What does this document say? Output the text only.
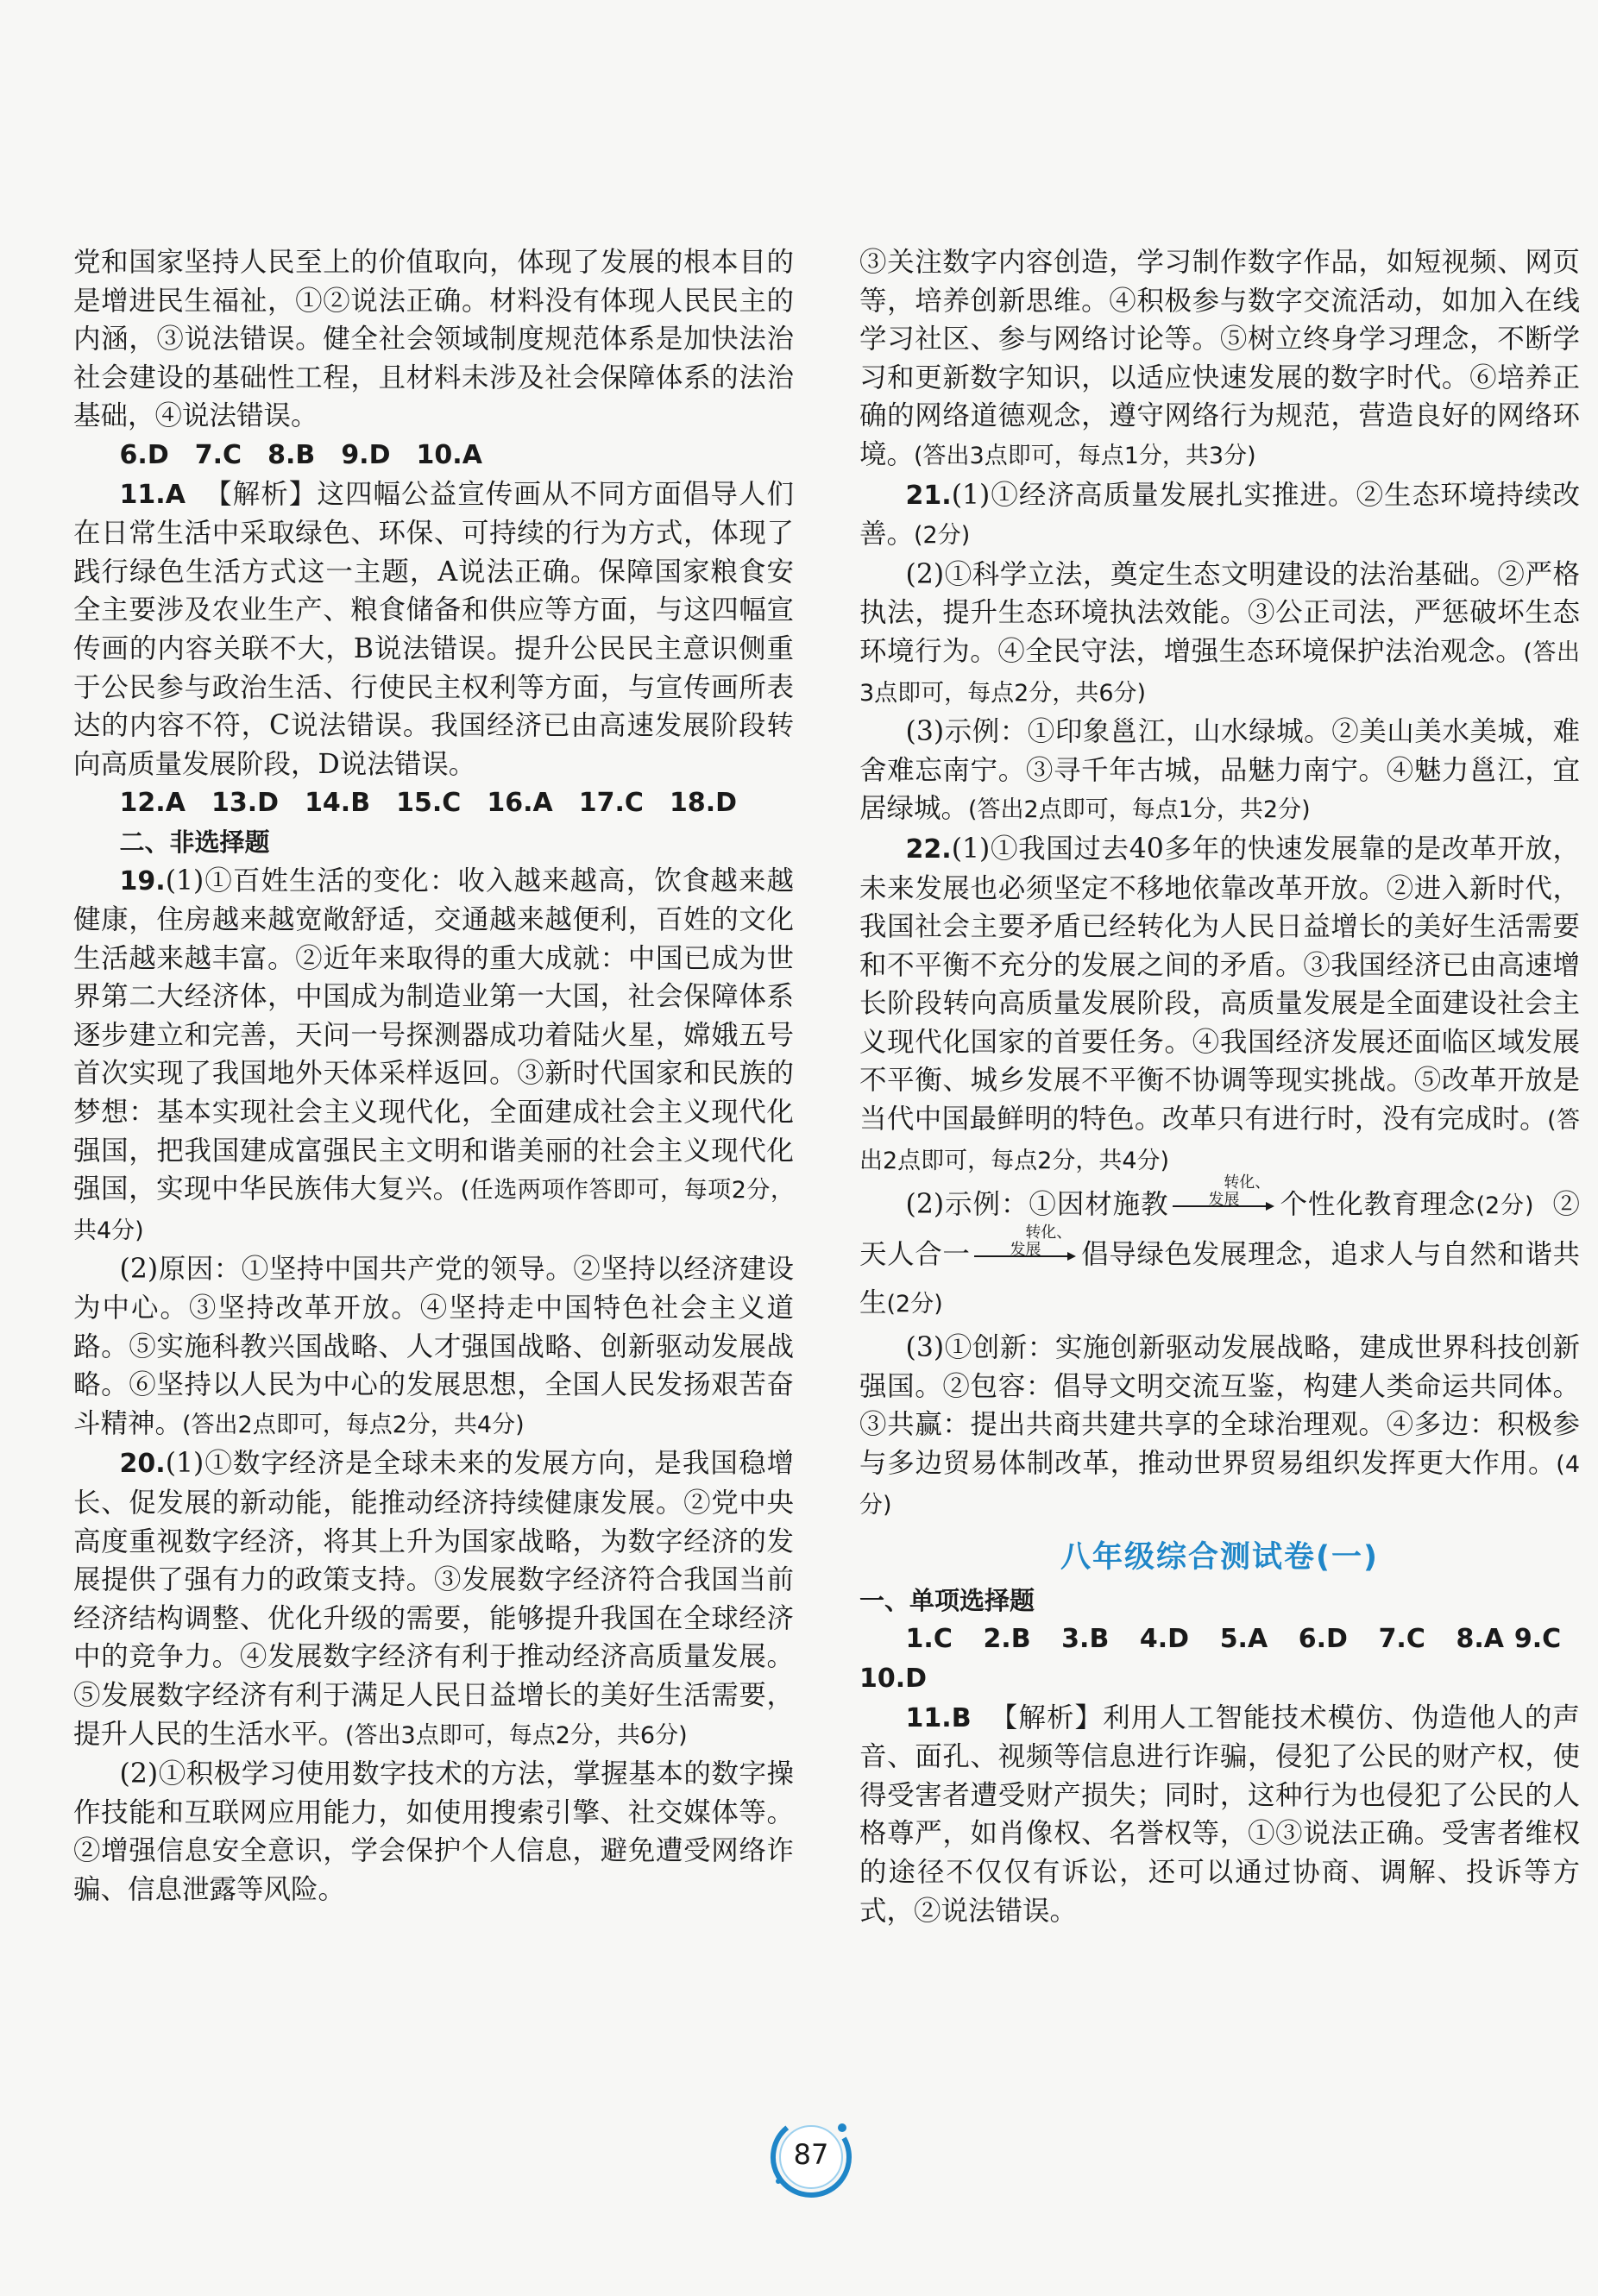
党和国家坚持人民至上的价值取向，体现了发展的根本目的是增进民生福祉，①②说法正确。材料没有体现人民民主的内涵，③说法错误。健全社会领域制度规范体系是加快法治社会建设的基础性工程，且材料未涉及社会保障体系的法治基础，④说法错误。

6.D 7.C 8.B 9.D 10.A

11.A 【解析】这四幅公益宣传画从不同方面倡导人们在日常生活中采取绿色、环保、可持续的行为方式，体现了践行绿色生活方式这一主题，A说法正确。保障国家粮食安全主要涉及农业生产、粮食储备和供应等方面，与这四幅宣传画的内容关联不大，B说法错误。提升公民民主意识侧重于公民参与政治生活、行使民主权利等方面，与宣传画所表达的内容不符，C说法错误。我国经济已由高速发展阶段转向高质量发展阶段，D说法错误。

12.A 13.D 14.B 15.C 16.A 17.C 18.D

二、非选择题

19.(1)①百姓生活的变化：收入越来越高，饮食越来越健康，住房越来越宽敞舒适，交通越来越便利，百姓的文化生活越来越丰富。②近年来取得的重大成就：中国已成为世界第二大经济体，中国成为制造业第一大国，社会保障体系逐步建立和完善，天问一号探测器成功着陆火星，嫦娥五号首次实现了我国地外天体采样返回。③新时代国家和民族的梦想：基本实现社会主义现代化，全面建成社会主义现代化强国，把我国建成富强民主文明和谐美丽的社会主义现代化强国，实现中华民族伟大复兴。(任选两项作答即可，每项2分，共4分)

(2)原因：①坚持中国共产党的领导。②坚持以经济建设为中心。③坚持改革开放。④坚持走中国特色社会主义道路。⑤实施科教兴国战略、人才强国战略、创新驱动发展战略。⑥坚持以人民为中心的发展思想，全国人民发扬艰苦奋斗精神。(答出2点即可，每点2分，共4分)

20.(1)①数字经济是全球未来的发展方向，是我国稳增长、促发展的新动能，能推动经济持续健康发展。②党中央高度重视数字经济，将其上升为国家战略，为数字经济的发展提供了强有力的政策支持。③发展数字经济符合我国当前经济结构调整、优化升级的需要，能够提升我国在全球经济中的竞争力。④发展数字经济有利于推动经济高质量发展。⑤发展数字经济有利于满足人民日益增长的美好生活需要，提升人民的生活水平。(答出3点即可，每点2分，共6分)

(2)①积极学习使用数字技术的方法，掌握基本的数字操作技能和互联网应用能力，如使用搜索引擎、社交媒体等。②增强信息安全意识，学会保护个人信息，避免遭受网络诈骗、信息泄露等风险。

③关注数字内容创造，学习制作数字作品，如短视频、网页等，培养创新思维。④积极参与数字交流活动，如加入在线学习社区、参与网络讨论等。⑤树立终身学习理念，不断学习和更新数字知识，以适应快速发展的数字时代。⑥培养正确的网络道德观念，遵守网络行为规范，营造良好的网络环境。(答出3点即可，每点1分，共3分)

21.(1)①经济高质量发展扎实推进。②生态环境持续改善。(2分)

(2)①科学立法，奠定生态文明建设的法治基础。②严格执法，提升生态环境执法效能。③公正司法，严惩破坏生态环境行为。④全民守法，增强生态环境保护法治观念。(答出3点即可，每点2分，共6分)

(3)示例：①印象邕江，山水绿城。②美山美水美城，难舍难忘南宁。③寻千年古城，品魅力南宁。④魅力邕江，宜居绿城。(答出2点即可，每点1分，共2分)

22.(1)①我国过去40多年的快速发展靠的是改革开放，未来发展也必须坚定不移地依靠改革开放。②进入新时代，我国社会主要矛盾已经转化为人民日益增长的美好生活需要和不平衡不充分的发展之间的矛盾。③我国经济已由高速增长阶段转向高质量发展阶段，高质量发展是全面建设社会主义现代化国家的首要任务。④我国经济发展还面临区域发展不平衡、城乡发展不平衡不协调等现实挑战。⑤改革开放是当代中国最鲜明的特色。改革只有进行时，没有完成时。(答出2点即可，每点2分，共4分)

(2)示例：①因材施教
转化、发展	个性化教育理念(2分) ②天人合一
转化、发展	倡导绿色发展理念，追求人与自然和谐共生(2分)

(3)①创新：实施创新驱动发展战略，建成世界科技创新强国。②包容：倡导文明交流互鉴，构建人类命运共同体。③共赢：提出共商共建共享的全球治理观。④多边：积极参与多边贸易体制改革，推动世界贸易组织发挥更大作用。(4分)

八年级综合测试卷(一)

一、单项选择题

1.C 2.B 3.B 4.D 5.A 6.D 7.C 8.A 9.C   10.D

11.B 【解析】利用人工智能技术模仿、伪造他人的声音、面孔、视频等信息进行诈骗，侵犯了公民的财产权，使得受害者遭受财产损失；同时，这种行为也侵犯了公民的人格尊严，如肖像权、名誉权等，①③说法正确。受害者维权的途径不仅仅有诉讼，还可以通过协商、调解、投诉等方式，②说法错误。

87
